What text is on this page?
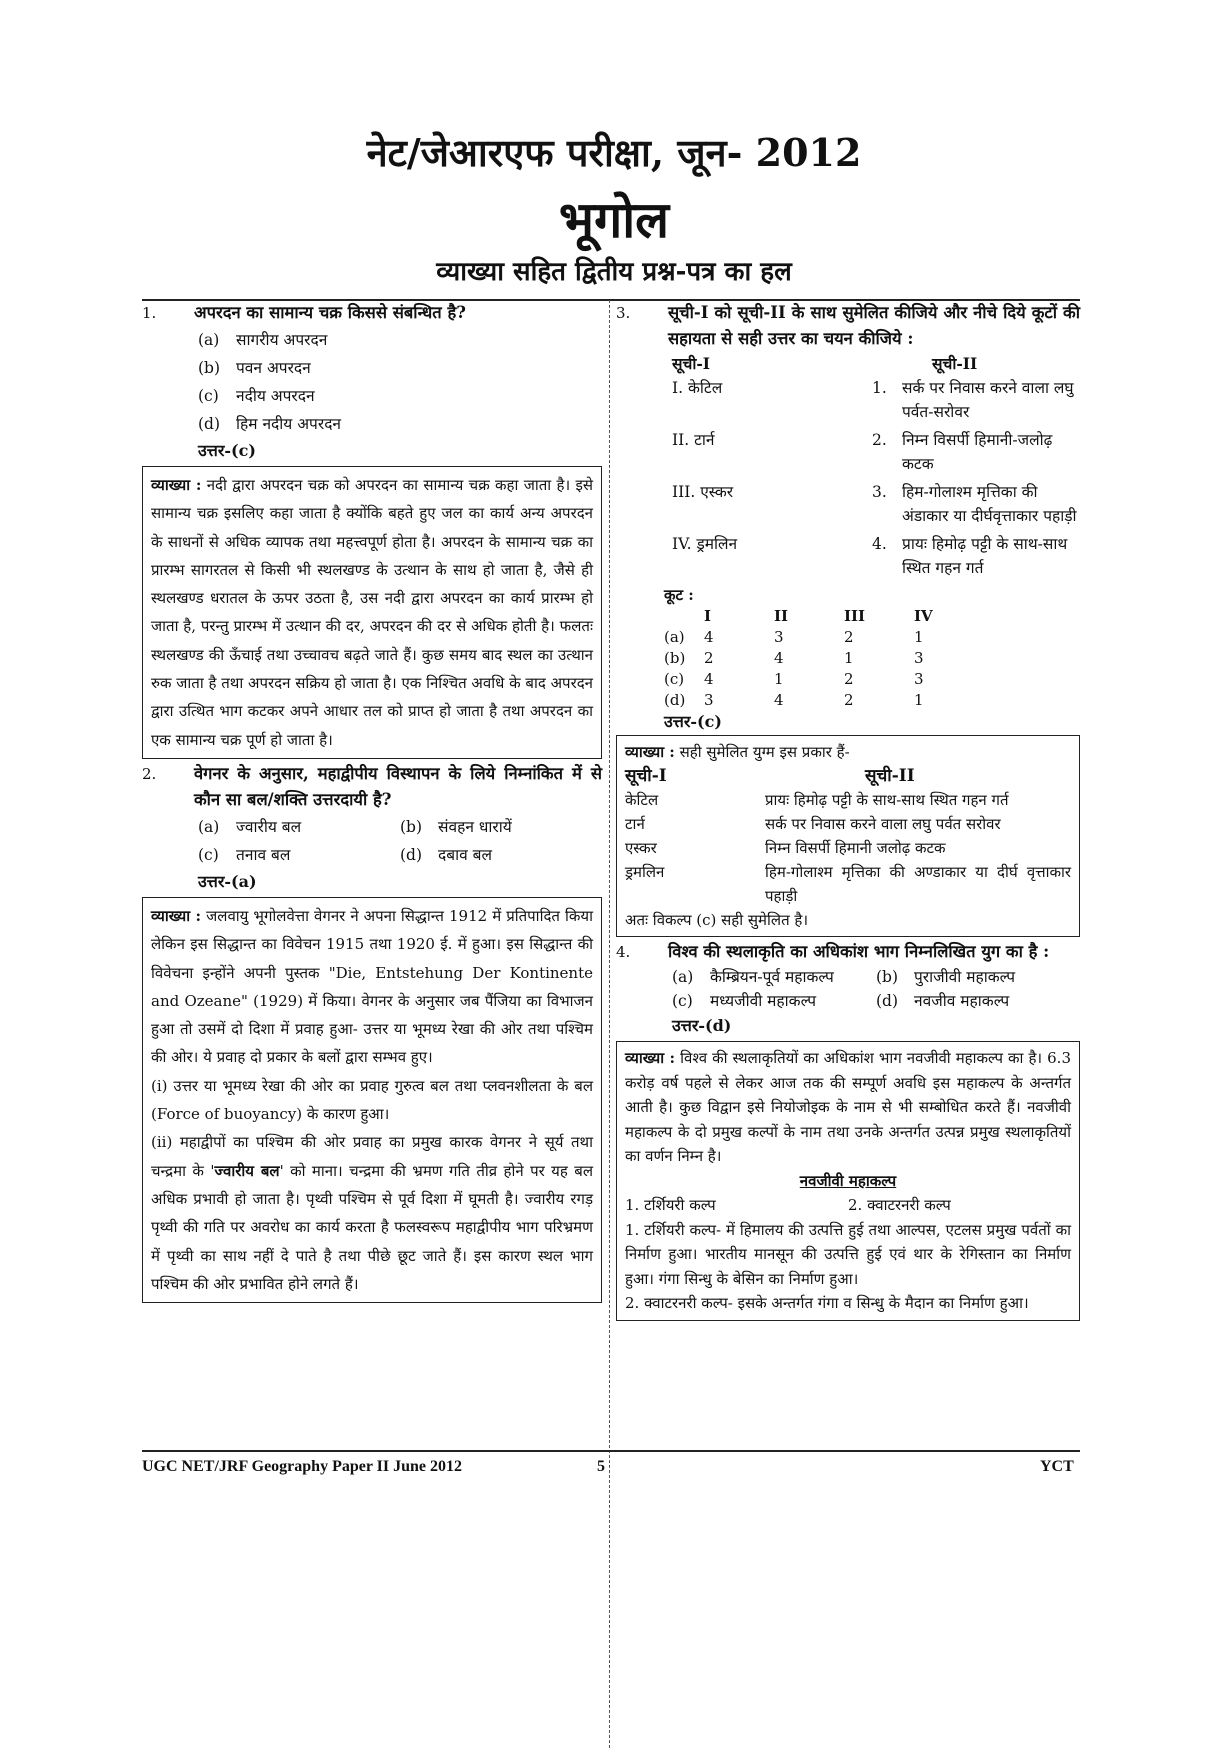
नेट/जेआरएफ परीक्षा, जून- 2012
भूगोल
व्याख्या सहित द्वितीय प्रश्न-पत्र का हल
1.	अपरदन का सामान्य चक्र किससे संबन्धित है?
(a)	सागरीय अपरदन
(b)	पवन अपरदन
(c)	नदीय अपरदन
(d)	हिम नदीय अपरदन
उत्तर-(c)
व्याख्या : नदी द्वारा अपरदन चक्र को अपरदन का सामान्य चक्र कहा जाता है। इसे सामान्य चक्र इसलिए कहा जाता है क्योंकि बहते हुए जल का कार्य अन्य अपरदन के साधनों से अधिक व्यापक तथा महत्त्वपूर्ण होता है। अपरदन के सामान्य चक्र का प्रारम्भ सागरतल से किसी भी स्थलखण्ड के उत्थान के साथ हो जाता है, जैसे ही स्थलखण्ड धरातल के ऊपर उठता है, उस नदी द्वारा अपरदन का कार्य प्रारम्भ हो जाता है, परन्तु प्रारम्भ में उत्थान की दर, अपरदन की दर से अधिक होती है। फलतः स्थलखण्ड की ऊँचाई तथा उच्चावच बढ़ते जाते हैं। कुछ समय बाद स्थल का उत्थान रुक जाता है तथा अपरदन सक्रिय हो जाता है। एक निश्चित अवधि के बाद अपरदन द्वारा उत्थित भाग कटकर अपने आधार तल को प्राप्त हो जाता है तथा अपरदन का एक सामान्य चक्र पूर्ण हो जाता है।
2.	वेगनर के अनुसार, महाद्वीपीय विस्थापन के लिये निम्नांकित में से कौन सा बल/शक्ति उत्तरदायी है?
(a)	ज्वारीय बल	(b)	संवहन धारायें
(c)	तनाव बल	(d)	दबाव बल
उत्तर-(a)
व्याख्या : जलवायु भूगोलवेत्ता वेगनर ने अपना सिद्धान्त 1912 में प्रतिपादित किया लेकिन इस सिद्धान्त का विवेचन 1915 तथा 1920 ई. में हुआ। इस सिद्धान्त की विवेचना इन्होंने अपनी पुस्तक "Die, Entstehung Der Kontinente and Ozeane" (1929) में किया। वेगनर के अनुसार जब पैंजिया का विभाजन हुआ तो उसमें दो दिशा में प्रवाह हुआ- उत्तर या भूमध्य रेखा की ओर तथा पश्चिम की ओर। ये प्रवाह दो प्रकार के बलों द्वारा सम्भव हुए।
(i) उत्तर या भूमध्य रेखा की ओर का प्रवाह गुरुत्व बल तथा प्लवनशीलता के बल (Force of buoyancy) के कारण हुआ।
(ii) महाद्वीपों का पश्चिम की ओर प्रवाह का प्रमुख कारक वेगनर ने सूर्य तथा चन्द्रमा के 'ज्वारीय बल' को माना। चन्द्रमा की भ्रमण गति तीव्र होने पर यह बल अधिक प्रभावी हो जाता है। पृथ्वी पश्चिम से पूर्व दिशा में घूमती है। ज्वारीय रगड़ पृथ्वी की गति पर अवरोध का कार्य करता है फलस्वरूप महाद्वीपीय भाग परिभ्रमण में पृथ्वी का साथ नहीं दे पाते है तथा पीछे छूट जाते हैं। इस कारण स्थल भाग पश्चिम की ओर प्रभावित होने लगते हैं।
3.	सूची-I को सूची-II के साथ सुमेलित कीजिये और नीचे दिये कूटों की सहायता से सही उत्तर का चयन कीजिये :
सूची-I	सूची-II
I. केटिल	1. सर्क पर निवास करने वाला लघु पर्वत-सरोवर
II. टार्न	2. निम्न विसर्पी हिमानी-जलोढ़ कटक
III. एस्कर	3. हिम-गोलाश्म मृत्तिका की अंडाकार या दीर्घवृत्ताकार पहाड़ी
IV. ड्रमलिन	4. प्रायः हिमोढ़ पट्टी के साथ-साथ स्थित गहन गर्त
कूट :
I	II	III	IV
(a)	4	3	2	1
(b)	2	4	1	3
(c)	4	1	2	3
(d)	3	4	2	1
उत्तर-(c)
व्याख्या : सही सुमेलित युग्म इस प्रकार हैं-
सूची-I	सूची-II
केटिल	प्रायः हिमोढ़ पट्टी के साथ-साथ स्थित गहन गर्त
टार्न	सर्क पर निवास करने वाला लघु पर्वत सरोवर
एस्कर	निम्न विसर्पी हिमानी जलोढ़ कटक
ड्रमलिन	हिम-गोलाश्म मृत्तिका की अण्डाकार या दीर्घ वृत्ताकार पहाड़ी
अतः विकल्प (c) सही सुमेलित है।
4.	विश्व की स्थलाकृति का अधिकांश भाग निम्नलिखित युग का है :
(a)	कैम्ब्रियन-पूर्व महाकल्प	(b)	पुराजीवी महाकल्प
(c)	मध्यजीवी महाकल्प	(d)	नवजीव महाकल्प
उत्तर-(d)
व्याख्या : विश्व की स्थलाकृतियों का अधिकांश भाग नवजीवी महाकल्प का है। 6.3 करोड़ वर्ष पहले से लेकर आज तक की सम्पूर्ण अवधि इस महाकल्प के अन्तर्गत आती है। कुछ विद्वान इसे नियोजोइक के नाम से भी सम्बोधित करते हैं। नवजीवी महाकल्प के दो प्रमुख कल्पों के नाम तथा उनके अन्तर्गत उत्पन्न प्रमुख स्थलाकृतियों का वर्णन निम्न है।
नवजीवी महाकल्प
1. टर्शियरी कल्प	2. क्वाटरनरी कल्प
1. टर्शियरी कल्प- में हिमालय की उत्पत्ति हुई तथा आल्पस, एटलस प्रमुख पर्वतों का निर्माण हुआ। भारतीय मानसून की उत्पत्ति हुई एवं थार के रेगिस्तान का निर्माण हुआ। गंगा सिन्धु के बेसिन का निर्माण हुआ।
2. क्वाटरनरी कल्प- इसके अन्तर्गत गंगा व सिन्धु के मैदान का निर्माण हुआ।
UGC NET/JRF Geography Paper II June 2012	5	YCT
